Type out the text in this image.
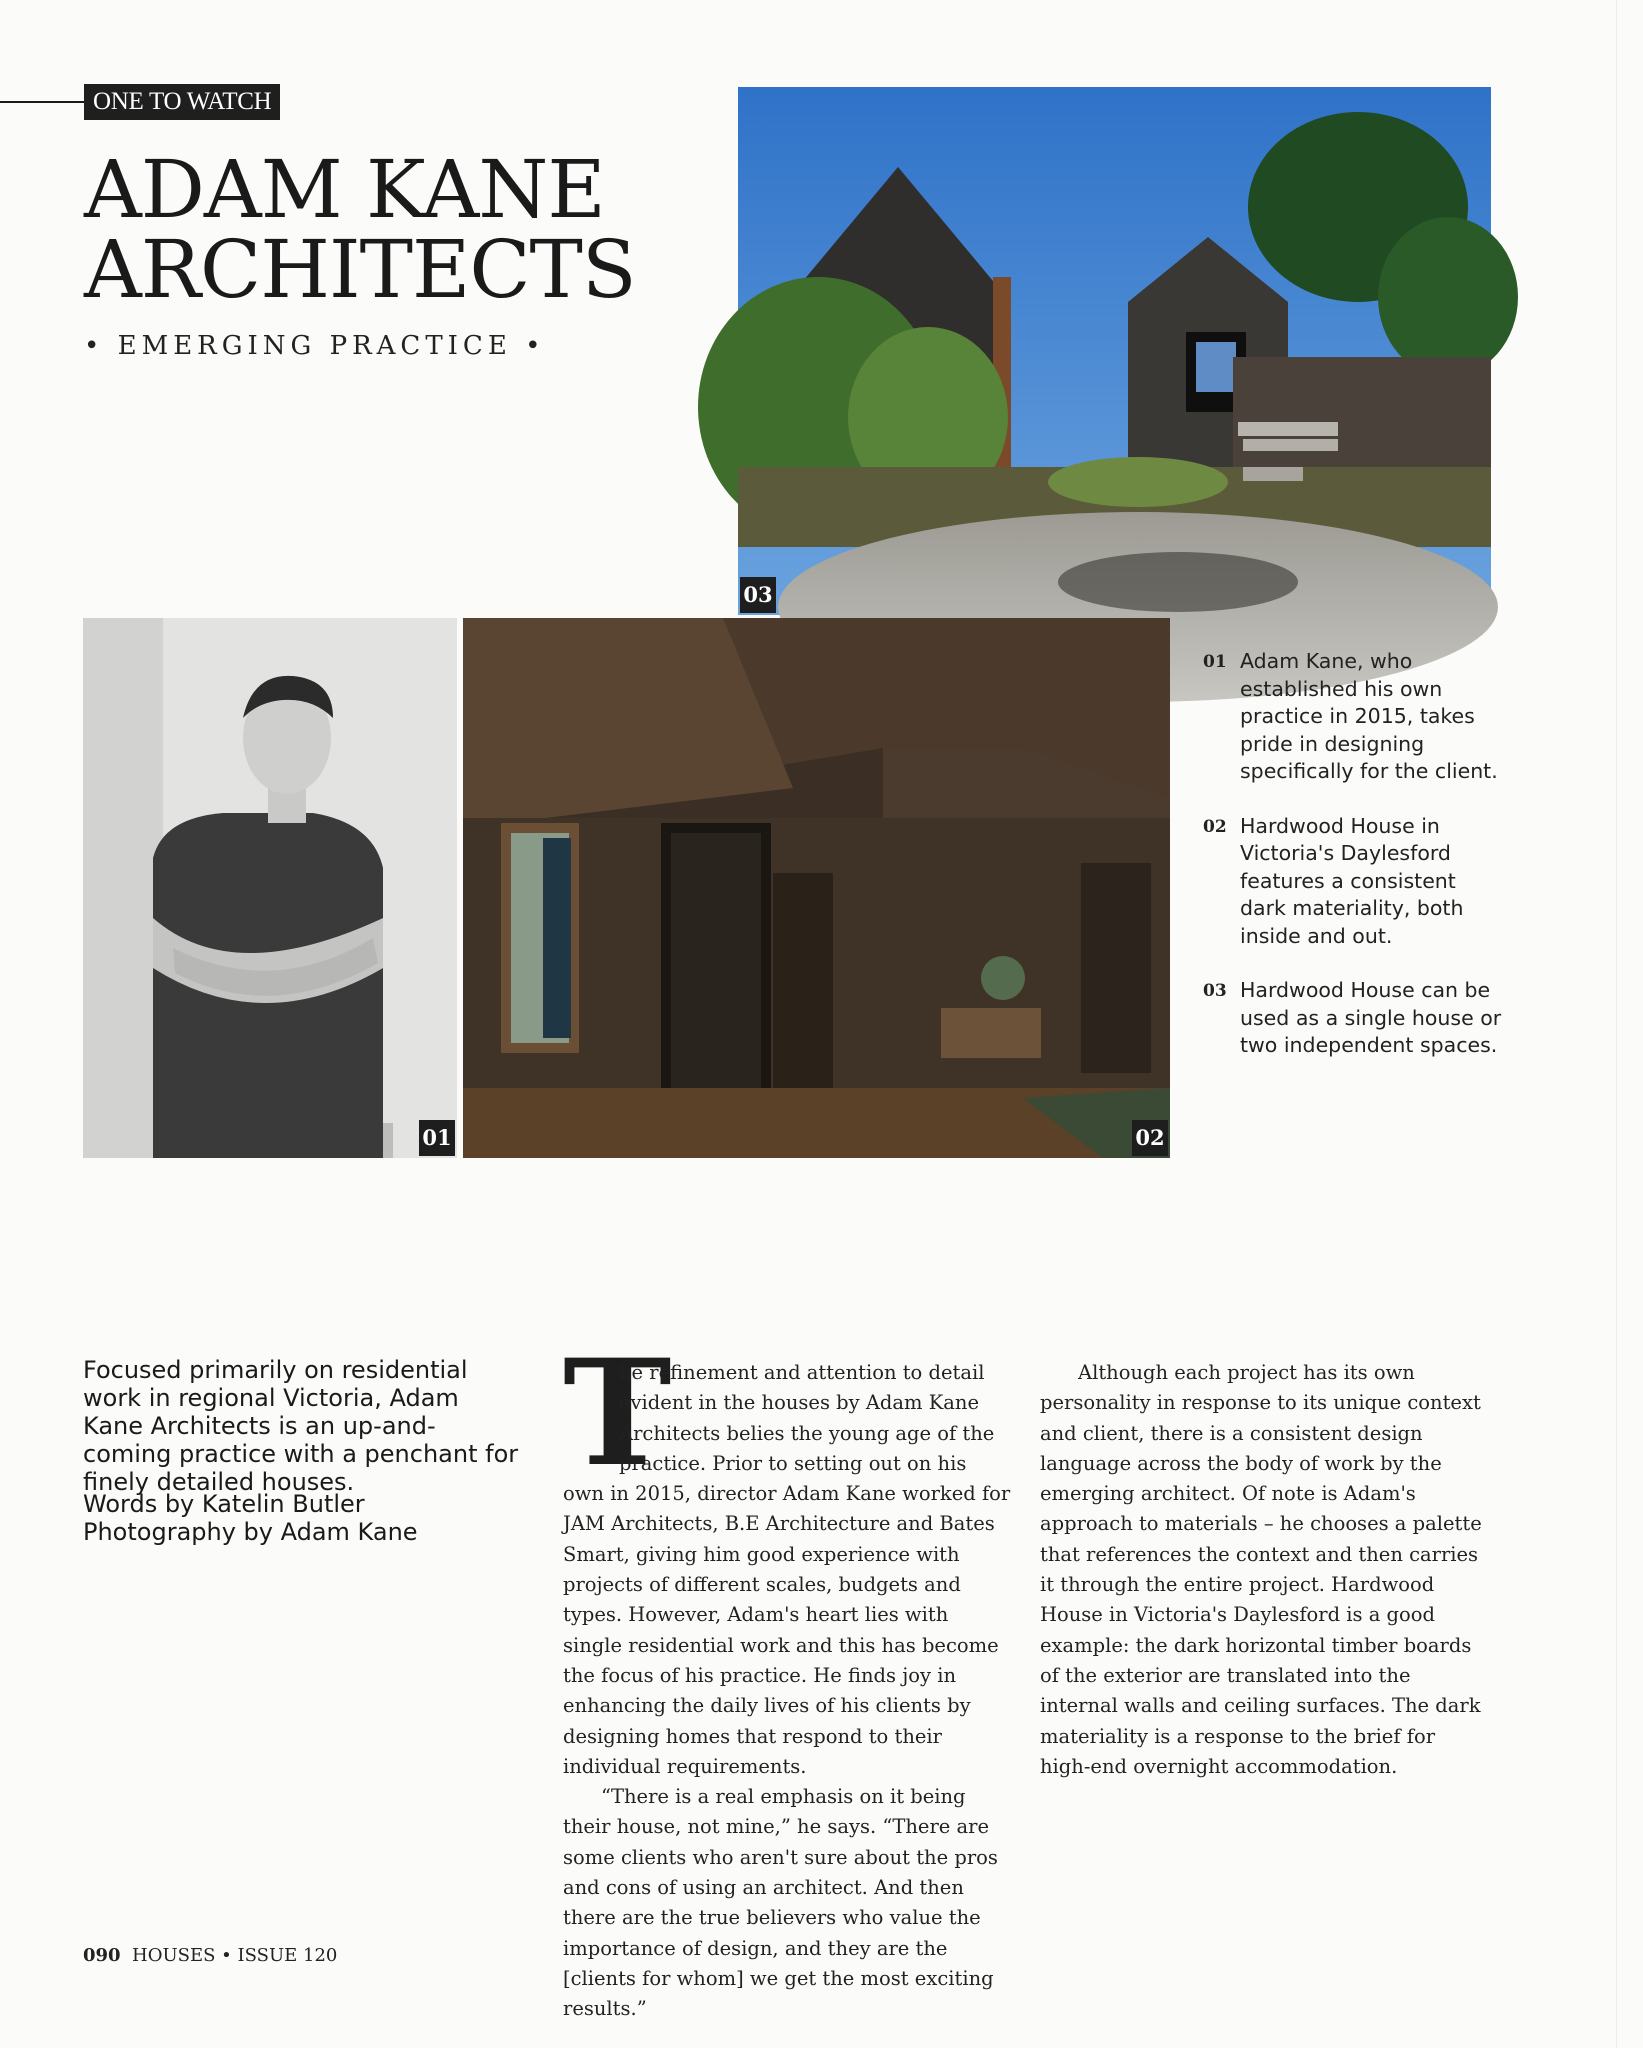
ONE TO WATCH
ADAM KANE
ARCHITECTS
• EMERGING PRACTICE •
03
01	02
01 Adam Kane, who established his own practice in 2015, takes pride in designing specifically for the client.
02 Hardwood House in Victoria's Daylesford features a consistent dark materiality, both inside and out.
03 Hardwood House can be used as a single house or two independent spaces.
Focused primarily on residential work in regional Victoria, Adam Kane Architects is an up-and-coming practice with a penchant for finely detailed houses.
Words by Katelin Butler
Photography by Adam Kane
T

he refinement and attention to detail evident in the houses by Adam Kane Architects belies the young age of the practice. Prior to setting out on his own in 2015, director Adam Kane worked for JAM Architects, B.E Architecture and Bates Smart, giving him good experience with projects of different scales, budgets and types. However, Adam's heart lies with single residential work and this has become the focus of his practice. He finds joy in enhancing the daily lives of his clients by designing homes that respond to their individual requirements.

“There is a real emphasis on it being their house, not mine,” he says. “There are some clients who aren't sure about the pros and cons of using an architect. And then there are the true believers who value the importance of design, and they are the [clients for whom] we get the most exciting results.”

Although each project has its own personality in response to its unique context and client, there is a consistent design language across the body of work by the emerging architect. Of note is Adam's approach to materials – he chooses a palette that references the context and then carries it through the entire project. Hardwood House in Victoria's Daylesford is a good example: the dark horizontal timber boards of the exterior are translated into the internal walls and ceiling surfaces. The dark materiality is a response to the brief for high-end overnight accommodation.

090 HOUSES • ISSUE 120
